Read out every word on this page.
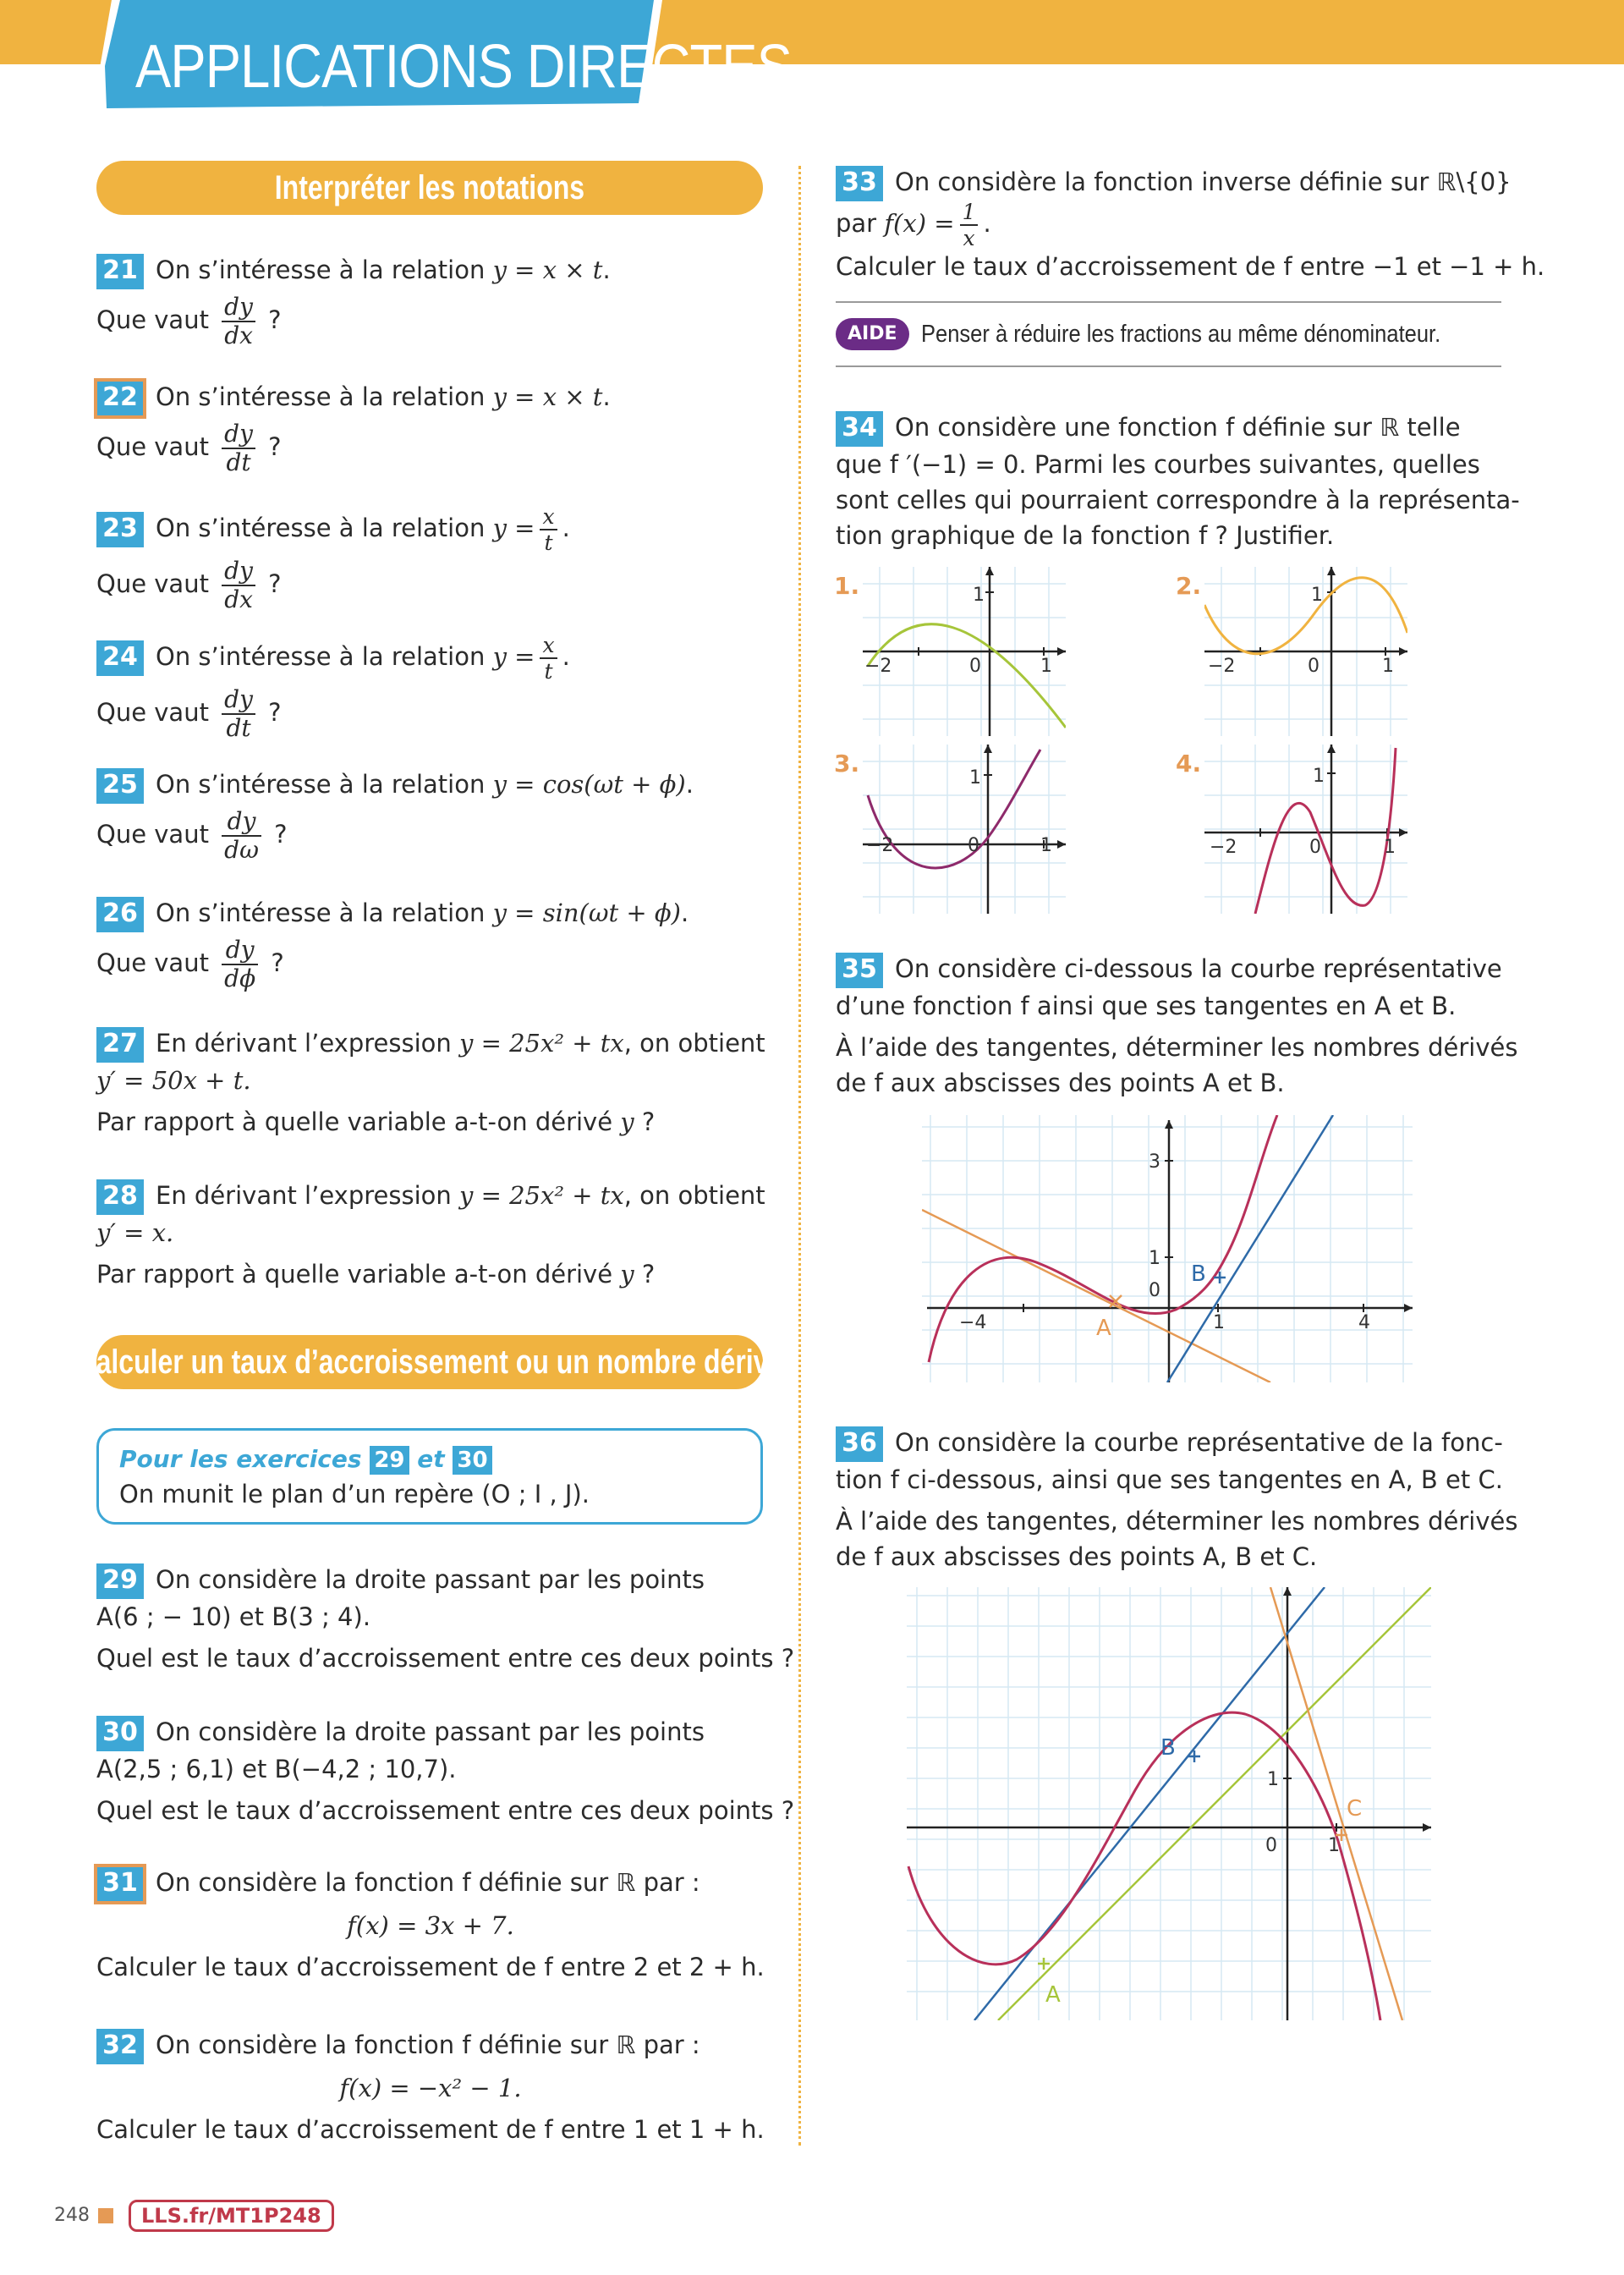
APPLICATIONS DIRECTES
Interpréter les notations

21 On s’intéresse à la relation y = x × t.

Que vaut $\frac{dy}{dx}$ ?

22 On s’intéresse à la relation y = x × t.

Que vaut $\frac{dy}{dt}$ ?

23 On s’intéresse à la relation $y = \frac{x}{t}$ .

Que vaut $\frac{dy}{dx}$ ?

24 On s’intéresse à la relation $y = \frac{x}{t}$ .

Que vaut $\frac{dy}{dt}$ ?

25 On s’intéresse à la relation y = cos(ωt + ϕ).

Que vaut $\frac{dy}{d\omega}$ ?

26 On s’intéresse à la relation y = sin(ωt + ϕ).

Que vaut $\frac{dy}{d\phi}$ ?

27 En dérivant l’expression y = 25x² + tx, on obtient

y′ = 50x + t.

Par rapport à quelle variable a-t-on dérivé y ?

28 En dérivant l’expression y = 25x² + tx, on obtient

y′ = x.

Par rapport à quelle variable a-t-on dérivé y ?

Calculer un taux d’accroissement ou un nombre dérivé
Pour les exercices 29 et 30
On munit le plan d’un repère (O ; I , J).

29 On considère la droite passant par les points

A(6 ; − 10) et B(3 ; 4).

Quel est le taux d’accroissement entre ces deux points ?

30 On considère la droite passant par les points

A(2,5 ; 6,1) et B(−4,2 ; 10,7).

Quel est le taux d’accroissement entre ces deux points ?

31 On considère la fonction f définie sur ℝ par :

f(x) = 3x + 7.

Calculer le taux d’accroissement de f entre 2 et 2 + h.

32 On considère la fonction f définie sur ℝ par :

f(x) = −x² − 1.

Calculer le taux d’accroissement de f entre 1 et 1 + h.

33 On considère la fonction inverse définie sur ℝ\{0}

par $f(x) = \frac{1}{x}$ .

Calculer le taux d’accroissement de f entre −1 et −1 + h.

AIDE Penser à réduire les fractions au même dénominateur.

34 On considère une fonction f définie sur ℝ telle

que f ′(−1) = 0. Parmi les courbes suivantes, quelles

sont celles qui pourraient correspondre à la représenta-

tion graphique de la fonction f ? Justifier.

1.	2.
3.	4.
1
0
−2	1
1
0
−2	1
1
0
−2	1
1
0
−2	1

35 On considère ci-dessous la courbe représentative

d’une fonction f ainsi que ses tangentes en A et B.

À l’aide des tangentes, déterminer les nombres dérivés

de f aux abscisses des points A et B.

3
1
0
−4	1	4
A
B

36 On considère la courbe représentative de la fonc-

tion f ci-dessous, ainsi que ses tangentes en A, B et C.

À l’aide des tangentes, déterminer les nombres dérivés

de f aux abscisses des points A, B et C.

1
0	1
A
B
C
248	LLS.fr/MT1P248
